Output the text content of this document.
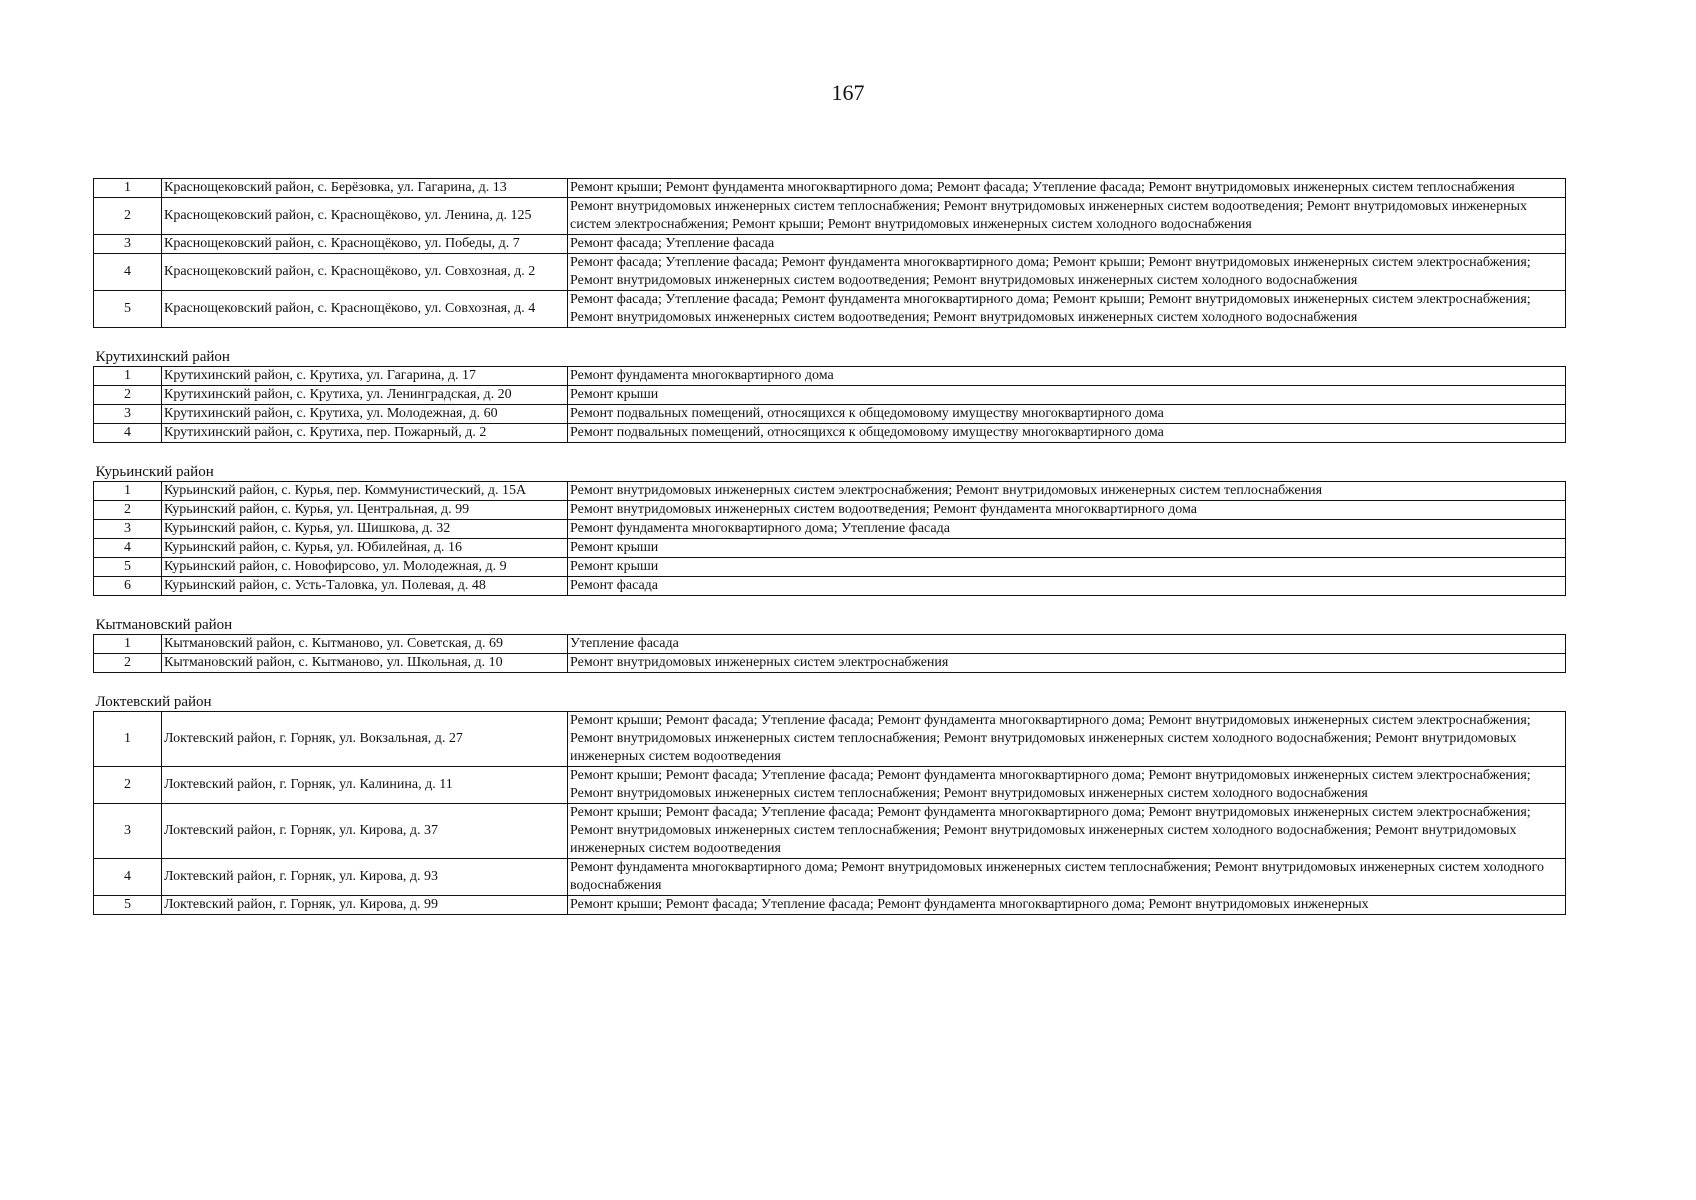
167
1	Краснощековский район, с. Берёзовка, ул. Гагарина, д. 13	Ремонт крыши; Ремонт фундамента многоквартирного дома; Ремонт фасада; Утепление фасада; Ремонт внутридомовых инженерных систем теплоснабжения
2	Краснощековский район, с. Краснощёково, ул. Ленина, д. 125	Ремонт внутридомовых инженерных систем теплоснабжения; Ремонт внутридомовых инженерных систем водоотведения; Ремонт внутридомовых инженерных систем электроснабжения; Ремонт крыши; Ремонт внутридомовых инженерных систем холодного водоснабжения
3	Краснощековский район, с. Краснощёково, ул. Победы, д. 7	Ремонт фасада; Утепление фасада
4	Краснощековский район, с. Краснощёково, ул. Совхозная, д. 2	Ремонт фасада; Утепление фасада; Ремонт фундамента многоквартирного дома; Ремонт крыши; Ремонт внутридомовых инженерных систем электроснабжения; Ремонт внутридомовых инженерных систем водоотведения; Ремонт внутридомовых инженерных систем холодного водоснабжения
5	Краснощековский район, с. Краснощёково, ул. Совхозная, д. 4	Ремонт фасада; Утепление фасада; Ремонт фундамента многоквартирного дома; Ремонт крыши; Ремонт внутридомовых инженерных систем электроснабжения; Ремонт внутридомовых инженерных систем водоотведения; Ремонт внутридомовых инженерных систем холодного водоснабжения
Крутихинский район		
1	Крутихинский район, с. Крутиха, ул. Гагарина, д. 17	Ремонт фундамента многоквартирного дома
2	Крутихинский район, с. Крутиха, ул. Ленинградская, д. 20	Ремонт крыши
3	Крутихинский район, с. Крутиха, ул. Молодежная, д. 60	Ремонт подвальных помещений, относящихся к общедомовому имуществу многоквартирного дома
4	Крутихинский район, с. Крутиха, пер. Пожарный, д. 2	Ремонт подвальных помещений, относящихся к общедомовому имуществу многоквартирного дома
Курьинский район		
1	Курьинский район, с. Курья, пер. Коммунистический, д. 15А	Ремонт внутридомовых инженерных систем электроснабжения; Ремонт внутридомовых инженерных систем теплоснабжения
2	Курьинский район, с. Курья, ул. Центральная, д. 99	Ремонт внутридомовых инженерных систем водоотведения; Ремонт фундамента многоквартирного дома
3	Курьинский район, с. Курья, ул. Шишкова, д. 32	Ремонт фундамента многоквартирного дома; Утепление фасада
4	Курьинский район, с. Курья, ул. Юбилейная, д. 16	Ремонт крыши
5	Курьинский район, с. Новофирсово, ул. Молодежная, д. 9	Ремонт крыши
6	Курьинский район, с. Усть-Таловка, ул. Полевая, д. 48	Ремонт фасада
Кытмановский район		
1	Кытмановский район, с. Кытманово, ул. Советская, д. 69	Утепление фасада
2	Кытмановский район, с. Кытманово, ул. Школьная, д. 10	Ремонт внутридомовых инженерных систем электроснабжения
Локтевский район		
1	Локтевский район, г. Горняк, ул. Вокзальная, д. 27	Ремонт крыши; Ремонт фасада; Утепление фасада; Ремонт фундамента многоквартирного дома; Ремонт внутридомовых инженерных систем электроснабжения; Ремонт внутридомовых инженерных систем теплоснабжения; Ремонт внутридомовых инженерных систем холодного водоснабжения; Ремонт внутридомовых инженерных систем водоотведения
2	Локтевский район, г. Горняк, ул. Калинина, д. 11	Ремонт крыши; Ремонт фасада; Утепление фасада; Ремонт фундамента многоквартирного дома; Ремонт внутридомовых инженерных систем электроснабжения; Ремонт внутридомовых инженерных систем теплоснабжения; Ремонт внутридомовых инженерных систем холодного водоснабжения
3	Локтевский район, г. Горняк, ул. Кирова, д. 37	Ремонт крыши; Ремонт фасада; Утепление фасада; Ремонт фундамента многоквартирного дома; Ремонт внутридомовых инженерных систем электроснабжения; Ремонт внутридомовых инженерных систем теплоснабжения; Ремонт внутридомовых инженерных систем холодного водоснабжения; Ремонт внутридомовых инженерных систем водоотведения
4	Локтевский район, г. Горняк, ул. Кирова, д. 93	Ремонт фундамента многоквартирного дома; Ремонт внутридомовых инженерных систем теплоснабжения; Ремонт внутридомовых инженерных систем холодного водоснабжения
5	Локтевский район, г. Горняк, ул. Кирова, д. 99	Ремонт крыши; Ремонт фасада; Утепление фасада; Ремонт фундамента многоквартирного дома; Ремонт внутридомовых инженерных
